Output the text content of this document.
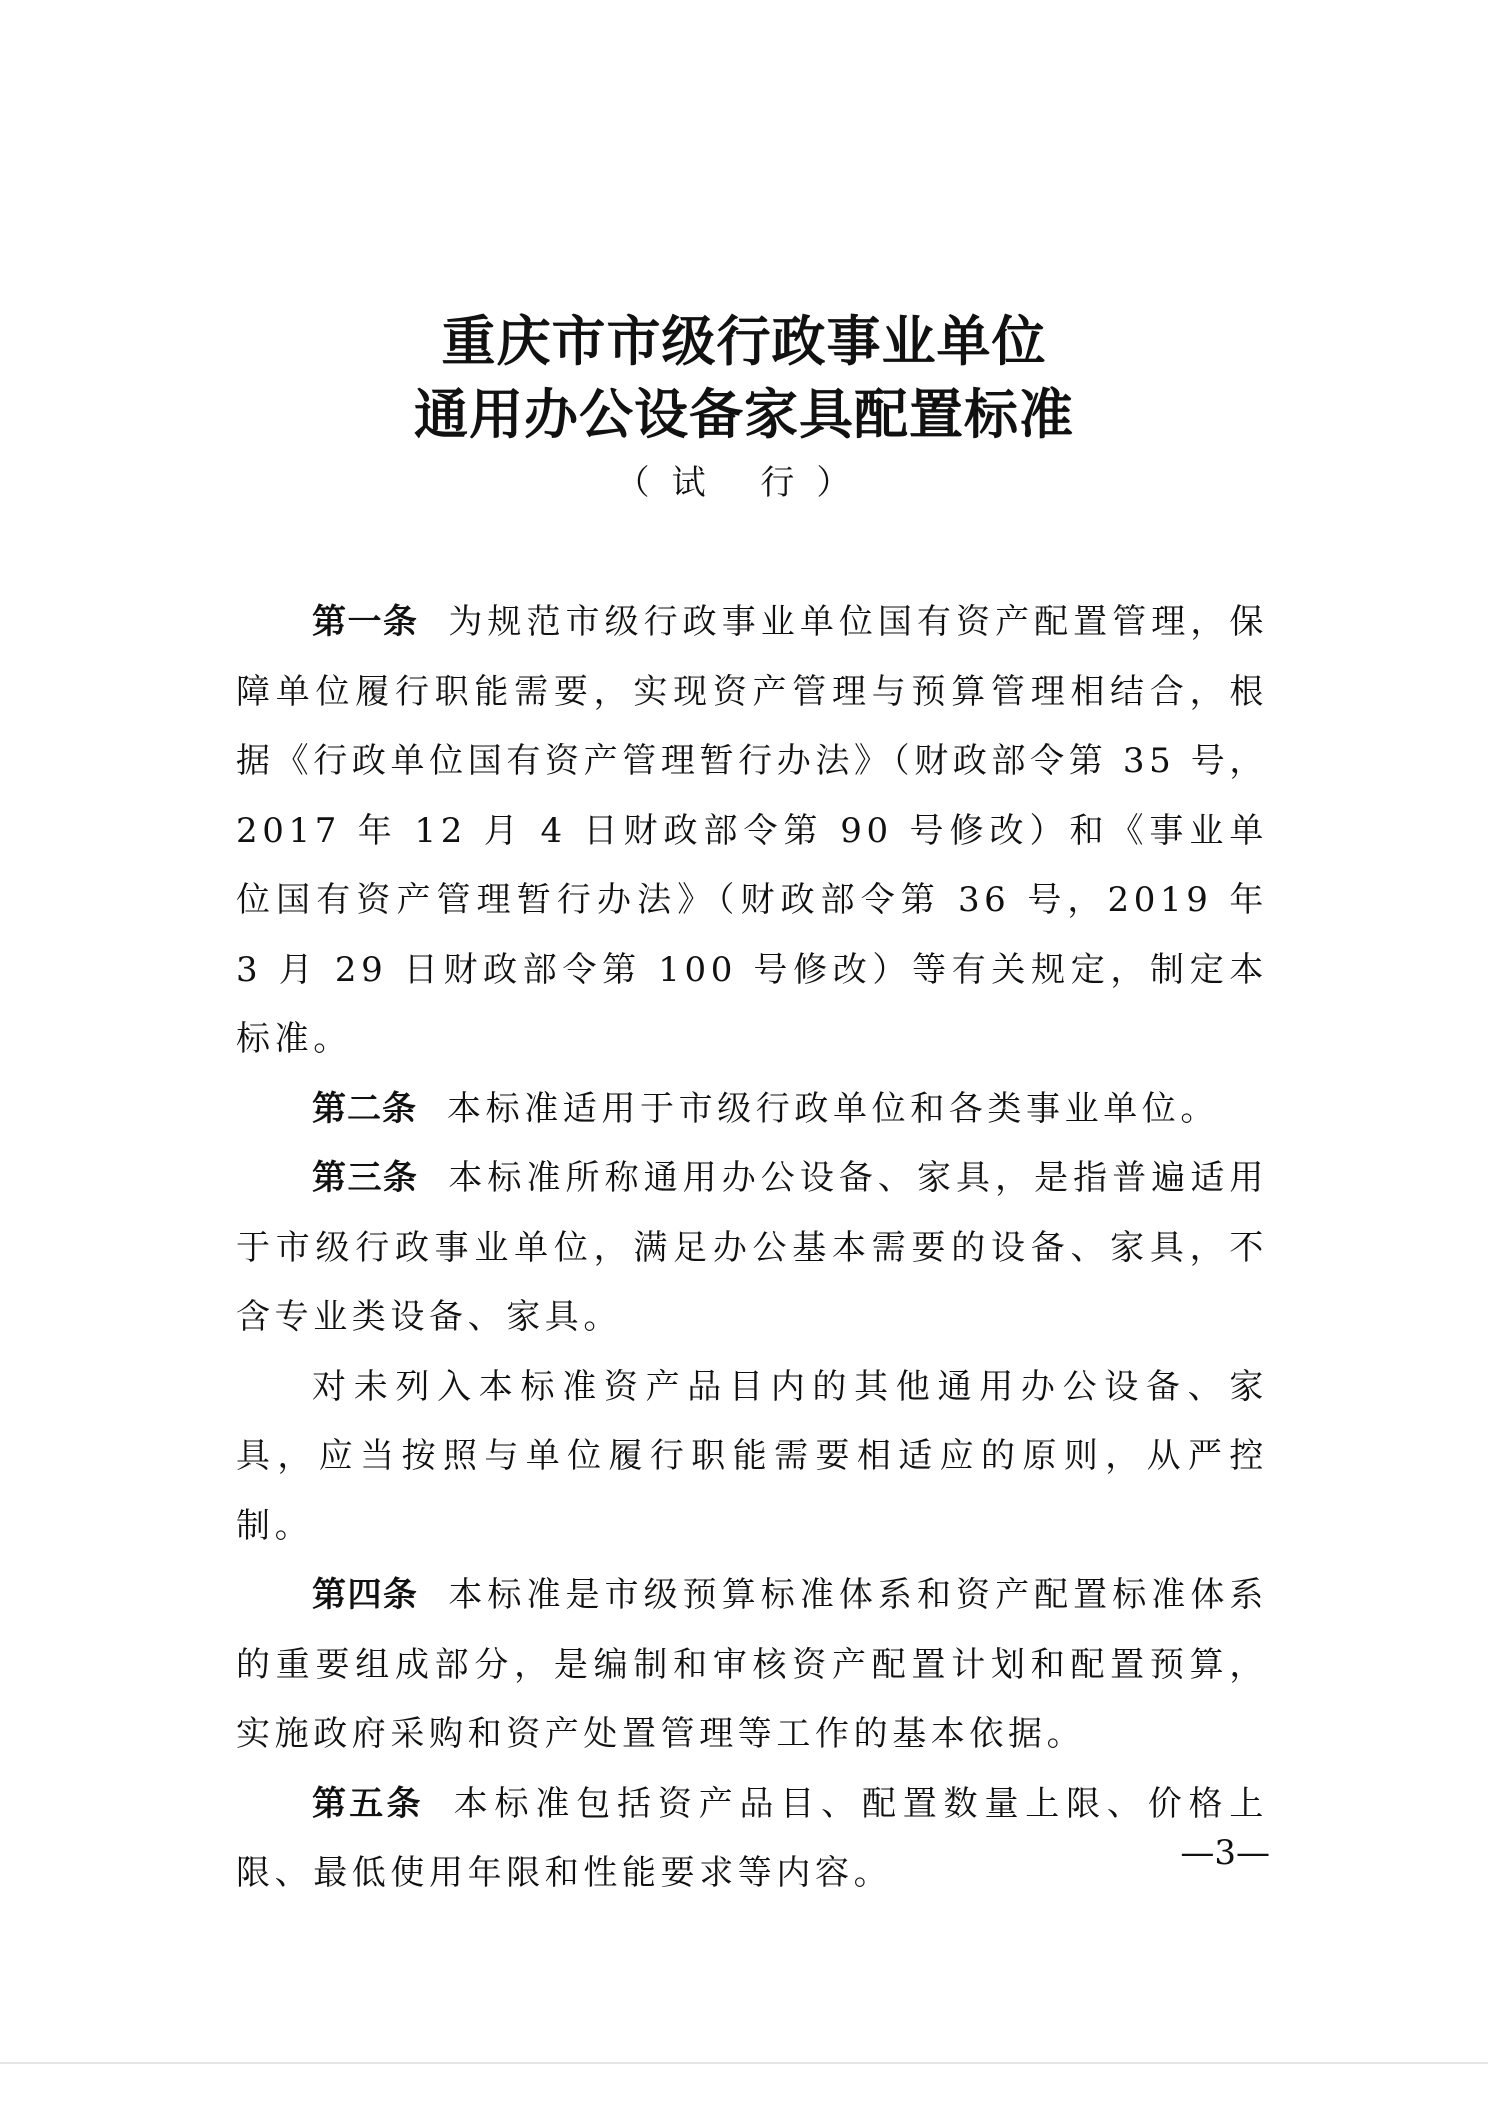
重庆市市级行政事业单位
通用办公设备家具配置标准
（试 行）

第一条 为规范市级行政事业单位国有资产配置管理，保障单位履行职能需要，实现资产管理与预算管理相结合，根据《行政单位国有资产管理暂行办法》（财政部令第 35 号，2017 年 12 月 4 日财政部令第 90 号修改）和《事业单位国有资产管理暂行办法》（财政部令第 36 号，2019 年 3 月 29 日财政部令第 100 号修改）等有关规定，制定本标准。

第二条 本标准适用于市级行政单位和各类事业单位。

第三条 本标准所称通用办公设备、家具，是指普遍适用于市级行政事业单位，满足办公基本需要的设备、家具，不含专业类设备、家具。

对未列入本标准资产品目内的其他通用办公设备、家具，应当按照与单位履行职能需要相适应的原则，从严控制。

第四条 本标准是市级预算标准体系和资产配置标准体系的重要组成部分，是编制和审核资产配置计划和配置预算，实施政府采购和资产处置管理等工作的基本依据。

第五条 本标准包括资产品目、配置数量上限、价格上限、最低使用年限和性能要求等内容。	—3—
